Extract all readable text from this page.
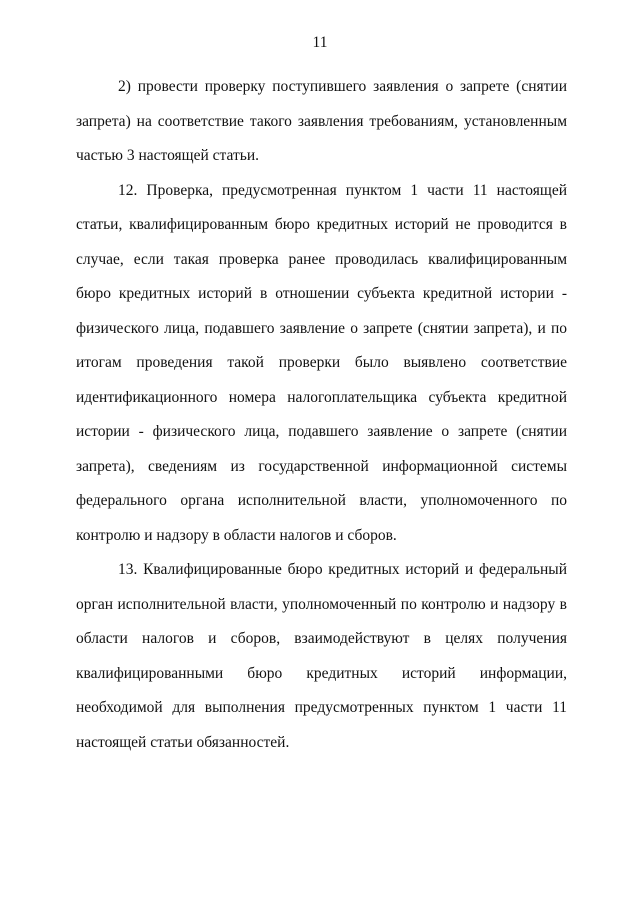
11

2) провести проверку поступившего заявления о запрете (снятии запрета) на соответствие такого заявления требованиям, установленным частью 3 настоящей статьи.

12. Проверка, предусмотренная пунктом 1 части 11 настоящей статьи, квалифицированным бюро кредитных историй не проводится в случае, если такая проверка ранее проводилась квалифицированным бюро кредитных историй в отношении субъекта кредитной истории - физического лица, подавшего заявление о запрете (снятии запрета), и по итогам проведения такой проверки было выявлено соответствие идентификационного номера налогоплательщика субъекта кредитной истории - физического лица, подавшего заявление о запрете (снятии запрета), сведениям из государственной информационной системы федерального органа исполнительной власти, уполномоченного по контролю и надзору в области налогов и сборов.

13. Квалифицированные бюро кредитных историй и федеральный орган исполнительной власти, уполномоченный по контролю и надзору в области налогов и сборов, взаимодействуют в целях получения квалифицированными бюро кредитных историй информации, необходимой для выполнения предусмотренных пунктом 1 части 11 настоящей статьи обязанностей.
